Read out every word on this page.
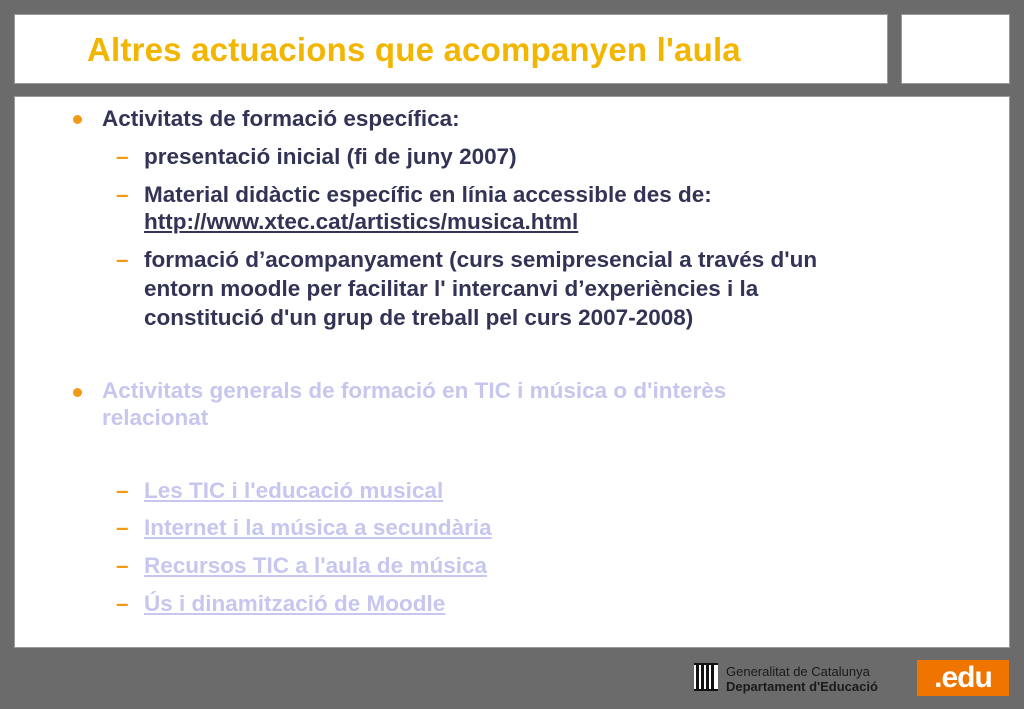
Altres actuacions que acompanyen l'aula
Activitats de formació específica:
– presentació inicial (fi de juny 2007)
– Material didàctic específic en línia accessible des de:
http://www.xtec.cat/artistics/musica.html
– formació d’acompanyament (curs semipresencial a través d'un
entorn moodle per facilitar l' intercanvi d’experiències i la
constitució d'un grup de treball pel curs 2007-2008)
Activitats generals de formació en TIC i música o d'interès
relacionat
– Les TIC i l'educació musical
– Internet i la música a secundària
– Recursos TIC a l'aula de música
– Ús i dinamització de Moodle
Generalitat de Catalunya
Departament d'Educació	.edu
